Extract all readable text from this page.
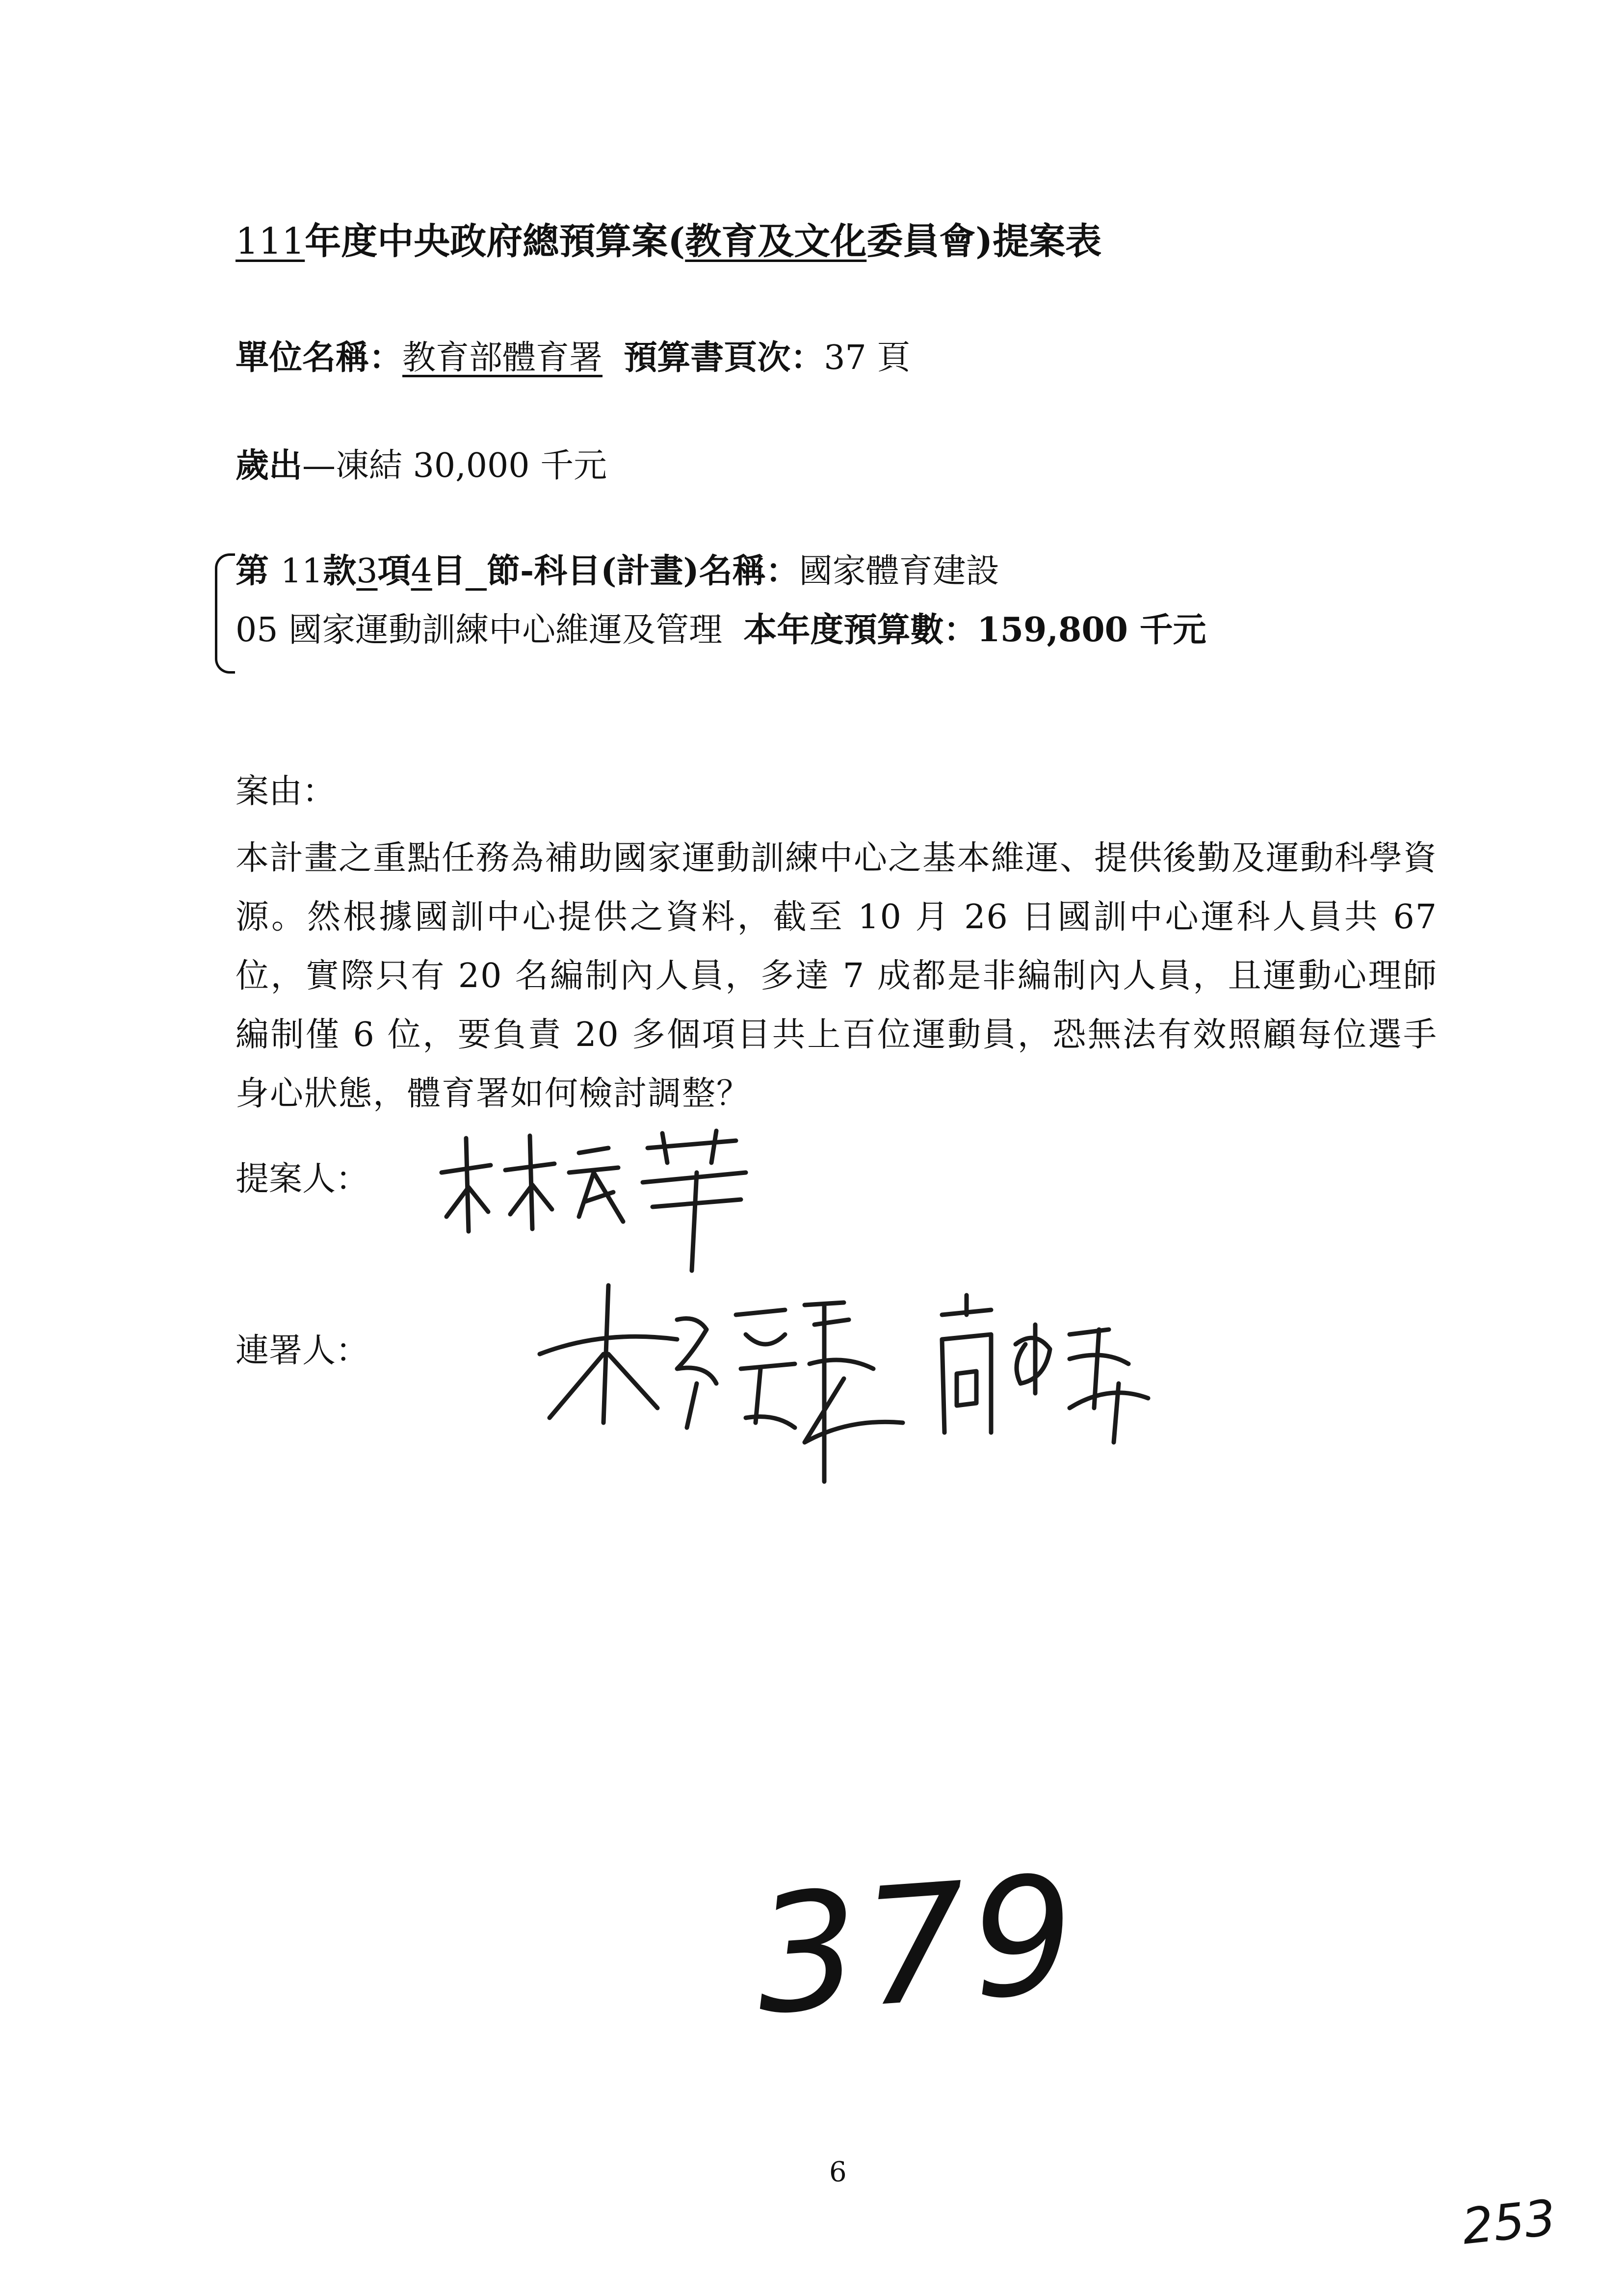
111年度中央政府總預算案(教育及文化委員會)提案表
單位名稱：教育部體育署 預算書頁次：37 頁
歲出—凍結 30,000 千元
第 11款3項4目 節-科目(計畫)名稱：國家體育建設
05 國家運動訓練中心維運及管理 本年度預算數：159,800 千元
案由：
本計畫之重點任務為補助國家運動訓練中心之基本維運、提供後勤及運動科學資源。然根據國訓中心提供之資料，截至 10 月 26 日國訓中心運科人員共 67 位，實際只有 20 名編制內人員，多達 7 成都是非編制內人員，且運動心理師編制僅 6 位，要負責 20 多個項目共上百位運動員，恐無法有效照顧每位選手身心狀態，體育署如何檢討調整？
提案人：
連署人：
379
6
253
